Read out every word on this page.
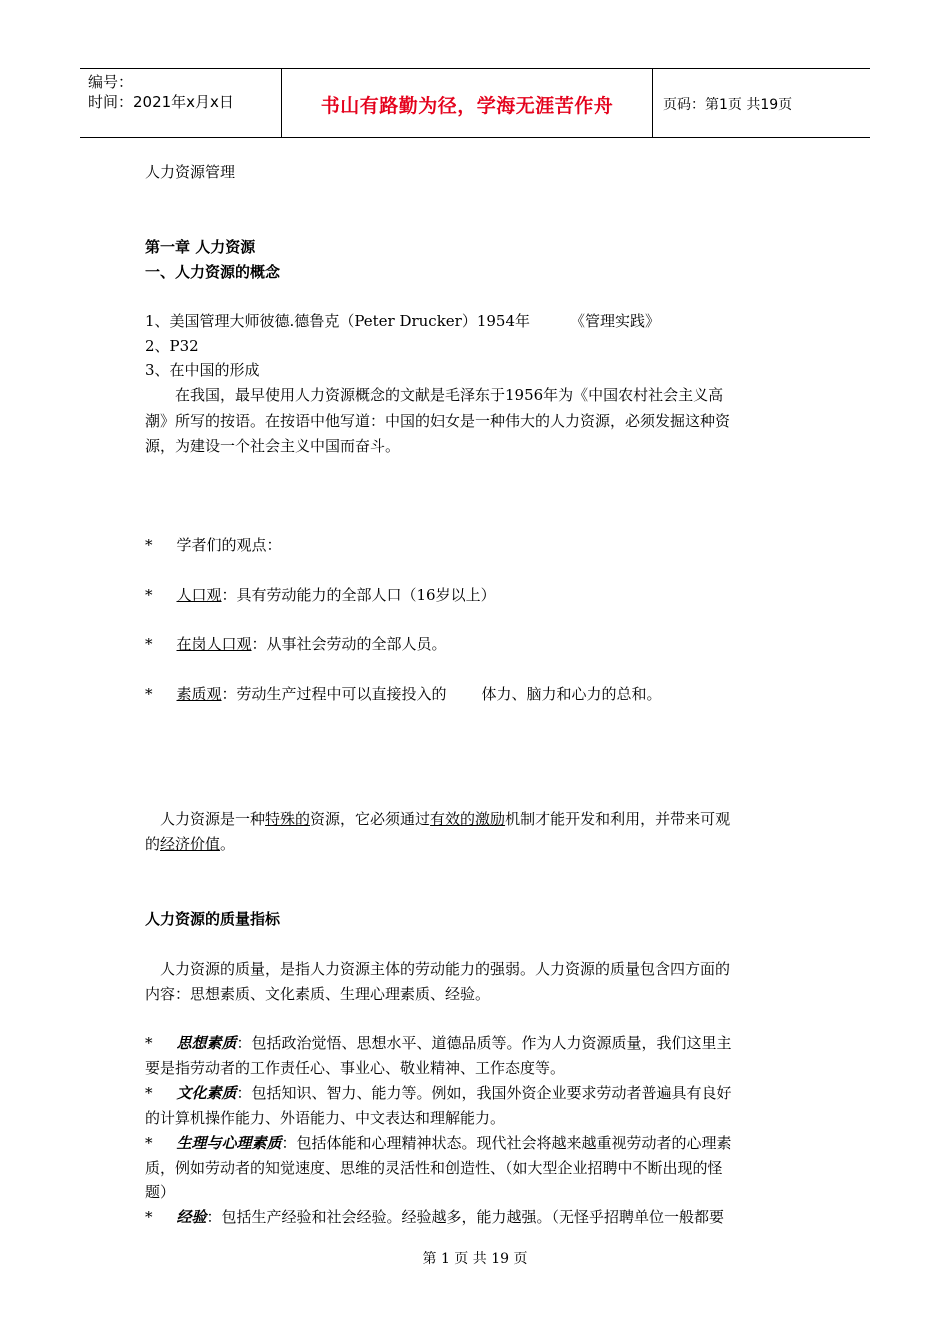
编号：
时间：2021年x月x日	书山有路勤为径，学海无涯苦作舟	页码：第1页 共19页
人力资源管理
第一章 人力资源
一、人力资源的概念
1、美国管理大师彼德.德鲁克（Peter Drucker）1954年	《管理实践》
2、P32
3、在中国的形成
在我国，最早使用人力资源概念的文献是毛泽东于1956年为《中国农村社会主义高
潮》所写的按语。在按语中他写道：中国的妇女是一种伟大的人力资源，必须发掘这种资
源，为建设一个社会主义中国而奋斗。
* 学者们的观点：
* 人口观：具有劳动能力的全部人口（16岁以上）
* 在岗人口观：从事社会劳动的全部人员。
* 素质观：劳动生产过程中可以直接投入的 体力、脑力和心力的总和。
人力资源是一种特殊的资源，它必须通过有效的激励机制才能开发和利用，并带来可观
的经济价值。
人力资源的质量指标
人力资源的质量，是指人力资源主体的劳动能力的强弱。人力资源的质量包含四方面的
内容：思想素质、文化素质、生理心理素质、经验。
* 思想素质：包括政治觉悟、思想水平、道德品质等。作为人力资源质量，我们这里主
要是指劳动者的工作责任心、事业心、敬业精神、工作态度等。
* 文化素质：包括知识、智力、能力等。例如，我国外资企业要求劳动者普遍具有良好
的计算机操作能力、外语能力、中文表达和理解能力。
* 生理与心理素质：包括体能和心理精神状态。现代社会将越来越重视劳动者的心理素
质，例如劳动者的知觉速度、思维的灵活性和创造性、（如大型企业招聘中不断出现的怪
题）
* 经验：包括生产经验和社会经验。经验越多，能力越强。（无怪乎招聘单位一般都要
第 1 页 共 19 页
